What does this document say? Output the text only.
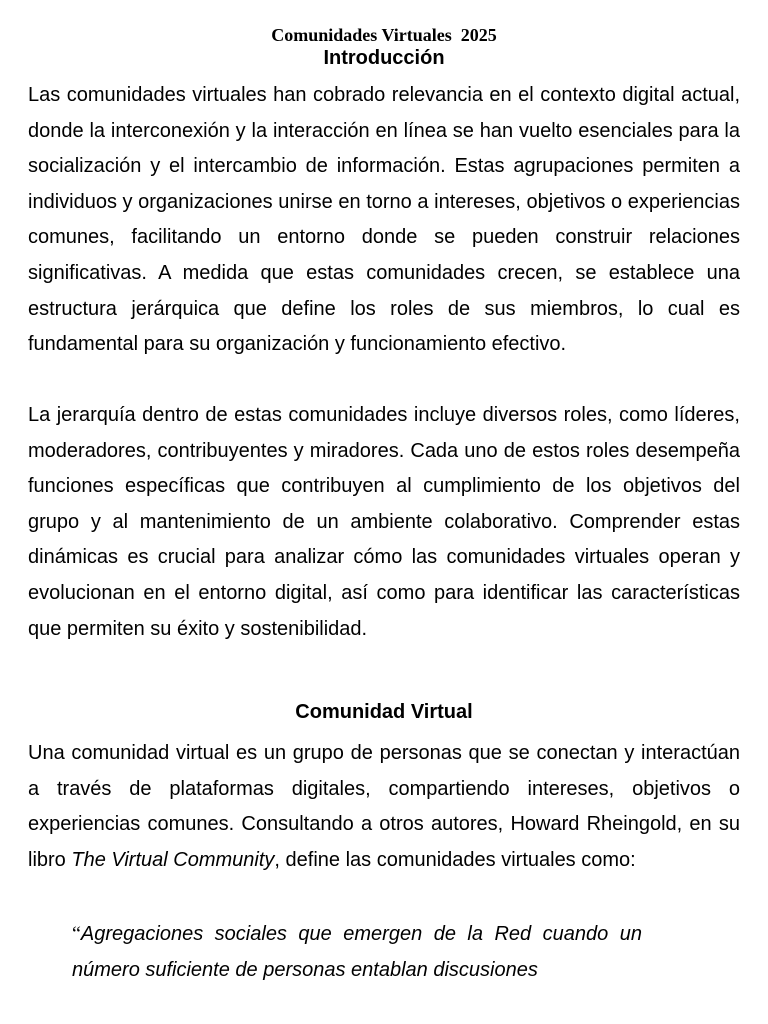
Comunidades Virtuales  2025
Introducción

Las comunidades virtuales han cobrado relevancia en el contexto digital actual, donde la interconexión y la interacción en línea se han vuelto esenciales para la socialización y el intercambio de información. Estas agrupaciones permiten a individuos y organizaciones unirse en torno a intereses, objetivos o experiencias comunes, facilitando un entorno donde se pueden construir relaciones significativas. A medida que estas comunidades crecen, se establece una estructura jerárquica que define los roles de sus miembros, lo cual es fundamental para su organización y funcionamiento efectivo.

La jerarquía dentro de estas comunidades incluye diversos roles, como líderes, moderadores, contribuyentes y miradores. Cada uno de estos roles desempeña funciones específicas que contribuyen al cumplimiento de los objetivos del grupo y al mantenimiento de un ambiente colaborativo. Comprender estas dinámicas es crucial para analizar cómo las comunidades virtuales operan y evolucionan en el entorno digital, así como para identificar las características que permiten su éxito y sostenibilidad.

Comunidad Virtual

Una comunidad virtual es un grupo de personas que se conectan y interactúan a través de plataformas digitales, compartiendo intereses, objetivos o experiencias comunes. Consultando a otros autores, Howard Rheingold, en su libro The Virtual Community, define las comunidades virtuales como:

“Agregaciones sociales que emergen de la Red cuando un número suficiente de personas entablan discusiones
